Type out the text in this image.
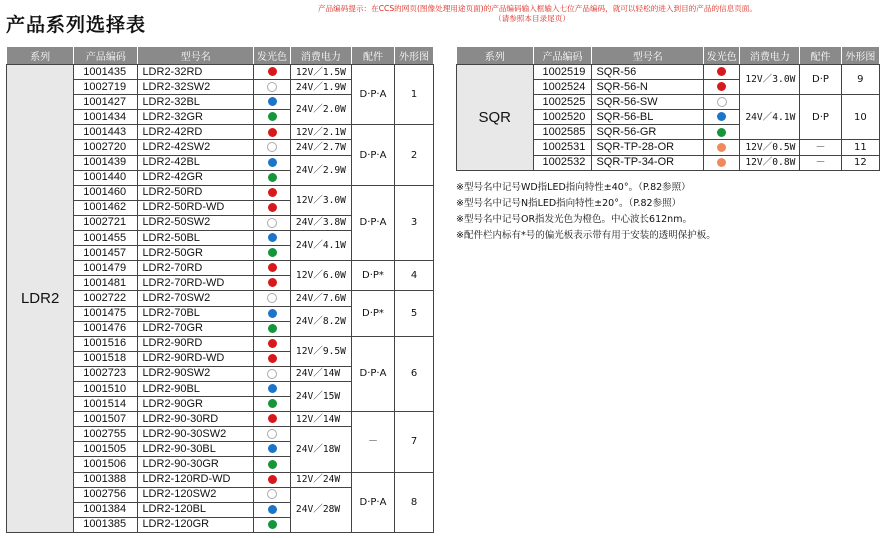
产品系列选择表
产品编码提示：在CCS的网页(图像处理用途页面)的产品编码输入框输入七位产品编码，就可以轻松的进入到目的产品的信息页面。
（请参照本目录尾页）
系列	产品编码	型号名	发光色	消费电力	配件	外形图
LDR2	1001435	LDR2-32RD		12V／1.5W	D·P·A	1
	1002719	LDR2-32SW2		24V／1.9W		
	1001427	LDR2-32BL		24V／2.0W		
	1001434	LDR2-32GR				
	1001443	LDR2-42RD		12V／2.1W	D·P·A	2
	1002720	LDR2-42SW2		24V／2.7W		
	1001439	LDR2-42BL		24V／2.9W		
	1001440	LDR2-42GR				
	1001460	LDR2-50RD		12V／3.0W	D·P·A	3
	1001462	LDR2-50RD-WD				
	1002721	LDR2-50SW2		24V／3.8W		
	1001455	LDR2-50BL		24V／4.1W		
	1001457	LDR2-50GR				
	1001479	LDR2-70RD		12V／6.0W	D·P*	4
	1001481	LDR2-70RD-WD				
	1002722	LDR2-70SW2		24V／7.6W	D·P*	5
	1001475	LDR2-70BL		24V／8.2W		
	1001476	LDR2-70GR				
	1001516	LDR2-90RD		12V／9.5W	D·P·A	6
	1001518	LDR2-90RD-WD				
	1002723	LDR2-90SW2		24V／14W		
	1001510	LDR2-90BL		24V／15W		
	1001514	LDR2-90GR				
	1001507	LDR2-90-30RD		12V／14W	－	7
	1002755	LDR2-90-30SW2		24V／18W		
	1001505	LDR2-90-30BL				
	1001506	LDR2-90-30GR				
	1001388	LDR2-120RD-WD		12V／24W	D·P·A	8
	1002756	LDR2-120SW2		24V／28W		
	1001384	LDR2-120BL				
	1001385	LDR2-120GR				
系列	产品编码	型号名	发光色	消费电力	配件	外形图
SQR	1002519	SQR-56		12V／3.0W	D·P	9
	1002524	SQR-56-N				
	1002525	SQR-56-SW		24V／4.1W	D·P	10
	1002520	SQR-56-BL				
	1002585	SQR-56-GR				
	1002531	SQR-TP-28-OR		12V／0.5W	－	11
	1002532	SQR-TP-34-OR		12V／0.8W	－	12
※型号名中记号WD指LED指向特性±40°。（P.82参照）
※型号名中记号N指LED指向特性±20°。（P.82参照）
※型号名中记号OR指发光色为橙色。中心波长612nm。
※配件栏内标有*号的偏光板表示带有用于安装的透明保护板。
